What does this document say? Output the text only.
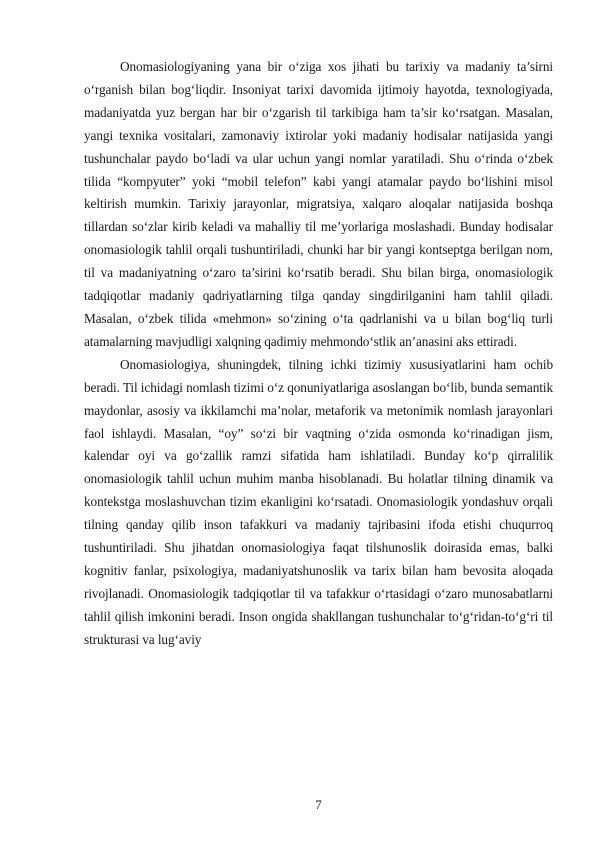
Onomasiologiyaning yana bir o‘ziga xos jihati bu tarixiy va madaniy ta’sirni o‘rganish bilan bog‘liqdir. Insoniyat tarixi davomida ijtimoiy hayotda, texnologiyada, madaniyatda yuz bergan har bir o‘zgarish til tarkibiga ham ta’sir ko‘rsatgan. Masalan, yangi texnika vositalari, zamonaviy ixtirolar yoki madaniy hodisalar natijasida yangi tushunchalar paydo bo‘ladi va ular uchun yangi nomlar yaratiladi. Shu o‘rinda o‘zbek tilida “kompyuter” yoki “mobil telefon” kabi yangi atamalar paydo bo‘lishini misol keltirish mumkin. Tarixiy jarayonlar, migratsiya, xalqaro aloqalar natijasida boshqa tillardan so‘zlar kirib keladi va mahalliy til me’yorlariga moslashadi. Bunday hodisalar onomasiologik tahlil orqali tushuntiriladi, chunki har bir yangi kontseptga berilgan nom, til va madaniyatning o‘zaro ta’sirini ko‘rsatib beradi. Shu bilan birga, onomasiologik tadqiqotlar madaniy qadriyatlarning tilga qanday singdirilganini ham tahlil qiladi. Masalan, o‘zbek tilida «mehmon» so‘zining o‘ta qadrlanishi va u bilan bog‘liq turli atamalarning mavjudligi xalqning qadimiy mehmondo‘stlik an’anasini aks ettiradi.

Onomasiologiya, shuningdek, tilning ichki tizimiy xususiyatlarini ham ochib beradi. Til ichidagi nomlash tizimi o‘z qonuniyatlariga asoslangan bo‘lib, bunda semantik maydonlar, asosiy va ikkilamchi ma’nolar, metaforik va metonimik nomlash jarayonlari faol ishlaydi. Masalan, “oy” so‘zi bir vaqtning o‘zida osmonda ko‘rinadigan jism, kalendar oyi va go‘zallik ramzi sifatida ham ishlatiladi. Bunday ko‘p qirralilik onomasiologik tahlil uchun muhim manba hisoblanadi. Bu holatlar tilning dinamik va kontekstga moslashuvchan tizim ekanligini ko‘rsatadi. Onomasiologik yondashuv orqali tilning qanday qilib inson tafakkuri va madaniy tajribasini ifoda etishi chuqurroq tushuntiriladi. Shu jihatdan onomasiologiya faqat tilshunoslik doirasida emas, balki kognitiv fanlar, psixologiya, madaniyatshunoslik va tarix bilan ham bevosita aloqada rivojlanadi. Onomasiologik tadqiqotlar til va tafakkur o‘rtasidagi o‘zaro munosabatlarni tahlil qilish imkonini beradi. Inson ongida shakllangan tushunchalar to‘g‘ridan-to‘g‘ri til strukturasi va lug‘aviy

7
